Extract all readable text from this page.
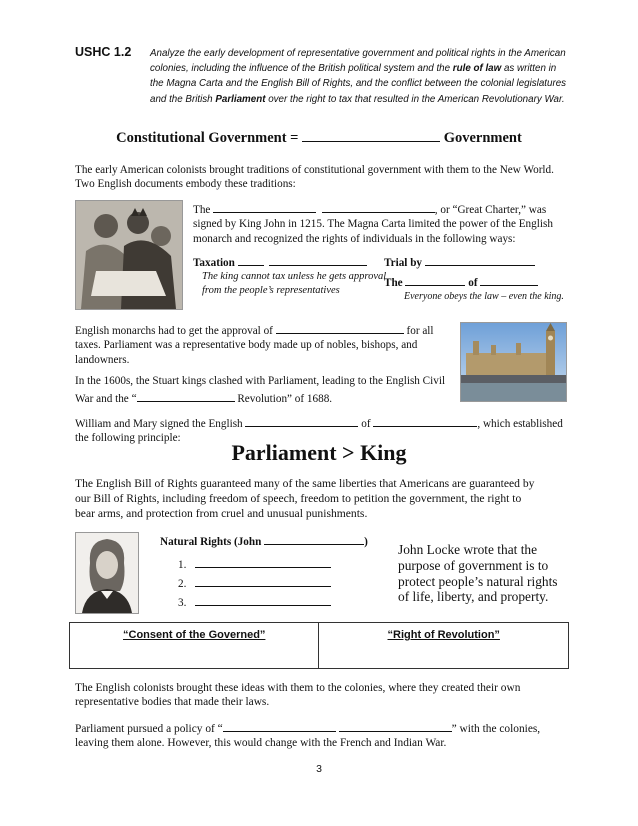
USHC 1.2 Analyze the early development of representative government and political rights in the American colonies, including the influence of the British political system and the rule of law as written in the Magna Carta and the English Bill of Rights, and the conflict between the colonial legislatures and the British Parliament over the right to tax that resulted in the American Revolutionary War.
Constitutional Government =	Government
The early American colonists brought traditions of constitutional government with them to the New World.
Two English documents embody these traditions:
The	, or “Great Charter,” was
signed by King John in 1215. The Magna Carta limited the power of the English
monarch and recognized the rights of individuals in the following ways:
Taxation
The king cannot tax unless he gets approval
from the people’s representatives
Trial by
The	of
Everyone obeys the law – even the king.
English monarchs had to get the approval of	for all
taxes. Parliament was a representative body made up of nobles, bishops, and
landowners.
In the 1600s, the Stuart kings clashed with Parliament, leading to the English Civil
War and the “	Revolution” of 1688.
William and Mary signed the English	of	, which established
the following principle:
Parliament > King
The English Bill of Rights guaranteed many of the same liberties that Americans are guaranteed by
our Bill of Rights, including freedom of speech, freedom to petition the government, the right to
bear arms, and protection from cruel and unusual punishments.
Natural Rights (John	)
1.
2.
3.
John Locke wrote that the
purpose of government is to
protect people’s natural rights
of life, liberty, and property.
“Consent of the Governed”	“Right of Revolution”
The English colonists brought these ideas with them to the colonies, where they created their own
representative bodies that made their laws.
Parliament pursued a policy of “	” with the colonies,
leaving them alone. However, this would change with the French and Indian War.
3
